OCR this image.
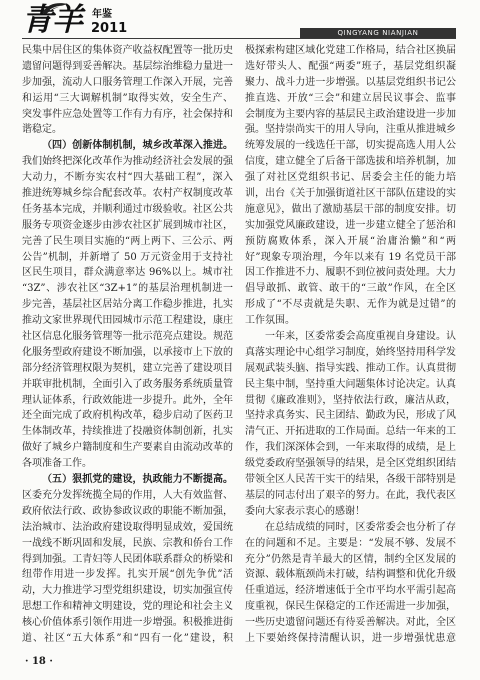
青羊 年鉴
2011	QINGYANG NIANJIAN
民集中居住区的集体资产收益权配置等一批历史
遗留问题得到妥善解决。基层综治维稳力量进一
步加强，流动人口服务管理工作深入开展，完善
和运用“三大调解机制”取得实效，安全生产、
突发事件应急处置等工作有力有序，社会保持和
谐稳定。
（四）创新体制机制，城乡改革深入推进。
我们始终把深化改革作为推动经济社会发展的强
大动力，不断夯实农村“四大基础工程”，深入
推进统筹城乡综合配套改革。农村产权制度改革
任务基本完成，并顺利通过市级验收。社区公共
服务专项资金逐步由涉农社区扩展到城市社区，
完善了民生项目实施的“两上两下、三公示、两
公告”机制，并新增了 50 万元资金用于支持社
区民生项目，群众满意率达 96%以上。城市社
“3Z”、涉农社区“3Z+1”的基层治理机制进一
步完善，基层社区居站分离工作稳步推进，扎实
推动文家世界现代田园城市示范工程建设，康庄
社区信息化服务管理等一批示范亮点建设。规范
化服务型政府建设不断加强，以承接市上下放的
部分经济管理权限为契机，建立完善了建设项目
并联审批机制，全面引入了政务服务系统质量管
理认证体系，行政效能进一步提升。此外，全年
还全面完成了政府机构改革，稳步启动了医药卫
生体制改革，持续推进了投融资体制创新，扎实
做好了城乡户籍制度和生产要素自由流动改革的
各项准备工作。
（五）狠抓党的建设，执政能力不断提高。
区委充分发挥统揽全局的作用，人大有效监督、
政府依法行政、政协参政议政的职能不断加强，
法治城市、法治政府建设取得明显成效，爱国统
一战线不断巩固和发展，民族、宗教和侨台工作
得到加强。工青妇等人民团体联系群众的桥梁和
纽带作用进一步发挥。扎实开展“创先争优”活
动，大力推进学习型党组织建设，切实加强宣传
思想工作和精神文明建设，党的理论和社会主义
核心价值体系引领作用进一步增强。积极推进街
道、社区“五大体系”和“四有一化”建设，积
极探索构建区域化党建工作格局，结合社区换届
选好带头人、配强“两委”班子，基层党组织凝
聚力、战斗力进一步增强。以基层党组织书记公
推直选、开放“三会”和建立居民议事会、监事
会制度为主要内容的基层民主政治建设进一步加
强。坚持崇尚实干的用人导向，注重从推进城乡
统筹发展的一线选任干部，切实提高选人用人公
信度，建立健全了后备干部选拔和培养机制，加
强了对社区党组织书记、居委会主任的能力培
训，出台《关于加强街道社区干部队伍建设的实
施意见》，做出了激励基层干部的制度安排。切
实加强党风廉政建设，进一步建立健全了惩治和
预防腐败体系，深入开展“治庸治懒”和“两
好”现象专项治理，今年以来有 19 名党员干部
因工作推进不力、履职不到位被问责处理。大力
倡导敢抓、敢管、敢干的“三敢”作风，在全区
形成了“不尽责就是失职、无作为就是过错”的
工作氛围。
一年来，区委常委会高度重视自身建设。认
真落实理论中心组学习制度，始终坚持用科学发
展观武装头脑、指导实践、推动工作。认真贯彻
民主集中制，坚持重大问题集体讨论决定。认真
贯彻《廉政准则》，坚持依法行政，廉洁从政，
坚持求真务实、民主团结、勤政为民，形成了风
清气正、开拓进取的工作局面。总结一年来的工
作，我们深深体会到，一年来取得的成绩，是上
级党委政府坚强领导的结果，是全区党组织团结
带领全区人民苦干实干的结果，各级干部特别是
基层的同志付出了艰辛的努力。在此，我代表区
委向大家表示衷心的感谢！
在总结成绩的同时，区委常委会也分析了存
在的问题和不足。主要是：“发展不够、发展不
充分”仍然是青羊最大的区情，制约全区发展的
资源、载体瓶颈尚未打破，结构调整和优化升级
任重道远，经济增速低于全市平均水平需引起高
度重视，保民生保稳定的工作还需进一步加强，
一些历史遗留问题还有待妥善解决。对此，全区
上下要始终保持清醒认识，进一步增强忧患意
· 18 ·
